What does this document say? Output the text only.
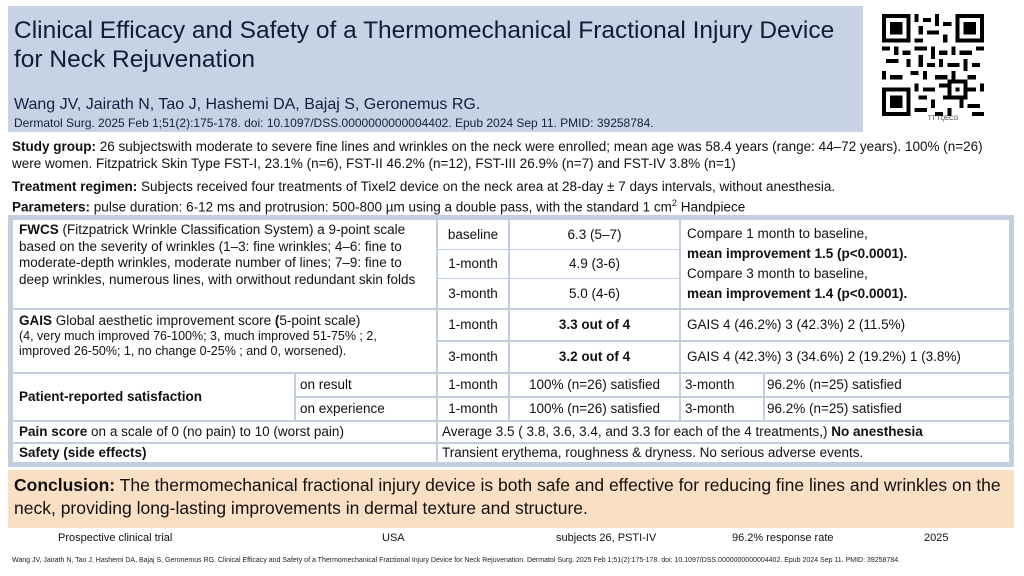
Clinical Efficacy and Safety of a Thermomechanical Fractional Injury Device for Neck Rejuvenation
Wang JV, Jairath N, Tao J, Hashemi DA, Bajaj S, Geronemus RG.
Dermatol Surg. 2025 Feb 1;51(2):175-178. doi: 10.1097/DSS.0000000000004402. Epub 2024 Sep 11. PMID: 39258784.	TT TQECG
Study group: 26 subjectswith moderate to severe fine lines and wrinkles on the neck were enrolled; mean age was 58.4 years (range: 44–72 years). 100% (n=26) were women. Fitzpatrick Skin Type FST-I, 23.1% (n=6), FST-II 46.2% (n=12), FST-III 26.9% (n=7) and FST-IV 3.8% (n=1)
Treatment regimen: Subjects received four treatments of Tixel2 device on the neck area at 28-day ± 7 days intervals, without anesthesia.
Parameters: pulse duration: 6-12 ms and protrusion: 500-800 µm using a double pass, with the standard 1 $cm^2$ Handpiece
FWCS (Fitzpatrick Wrinkle Classification System) a 9-point scale based on the severity of wrinkles (1–3: fine wrinkles; 4–6: fine to moderate-depth wrinkles, moderate number of lines; 7–9: fine to deep wrinkles, numerous lines, with orwithout redundant skin folds
baseline	6.3 (5–7)
1-month	4.9 (3-6)
3-month	5.0 (4-6)
Compare 1 month to baseline,
mean improvement 1.5 (p<0.0001).
Compare 3 month to baseline,
mean improvement 1.4 (p<0.0001).
GAIS Global aesthetic improvement score (5-point scale)
(4, very much improved 76-100%; 3, much improved 51-75% ; 2, improved 26-50%; 1, no change 0-25% ; and 0, worsened).
1-month	3.3 out of 4	GAIS 4 (46.2%) 3 (42.3%) 2 (11.5%)
3-month	3.2 out of 4	GAIS 4 (42.3%) 3 (34.6%) 2 (19.2%) 1 (3.8%)
Patient-reported satisfaction
on result	1-month	100% (n=26) satisfied	3-month	96.2% (n=25) satisfied
on experience	1-month	100% (n=26) satisfied	3-month	96.2% (n=25) satisfied
Pain score on a scale of 0 (no pain) to 10 (worst pain)	Average 3.5 ( 3.8, 3.6, 3.4, and 3.3 for each of the 4 treatments,) No anesthesia
Safety (side effects)	Transient erythema, roughness & dryness. No serious adverse events.
Conclusion: The thermomechanical fractional injury device is both safe and effective for reducing fine lines and wrinkles on the neck, providing long-lasting improvements in dermal texture and structure.
Prospective clinical trial	USA	subjects 26, PSTI-IV	96.2% response rate	2025
Wang JV, Jairath N, Tao J, Hashemi DA, Bajaj S, Geronemus RG. Clinical Efficacy and Safety of a Thermomechanical Fractional Injury Device for Neck Rejuvenation. Dermatol Surg. 2025 Feb 1;51(2):175-178. doi: 10.1097/DSS.0000000000004402. Epub 2024 Sep 11. PMID: 39258784.
